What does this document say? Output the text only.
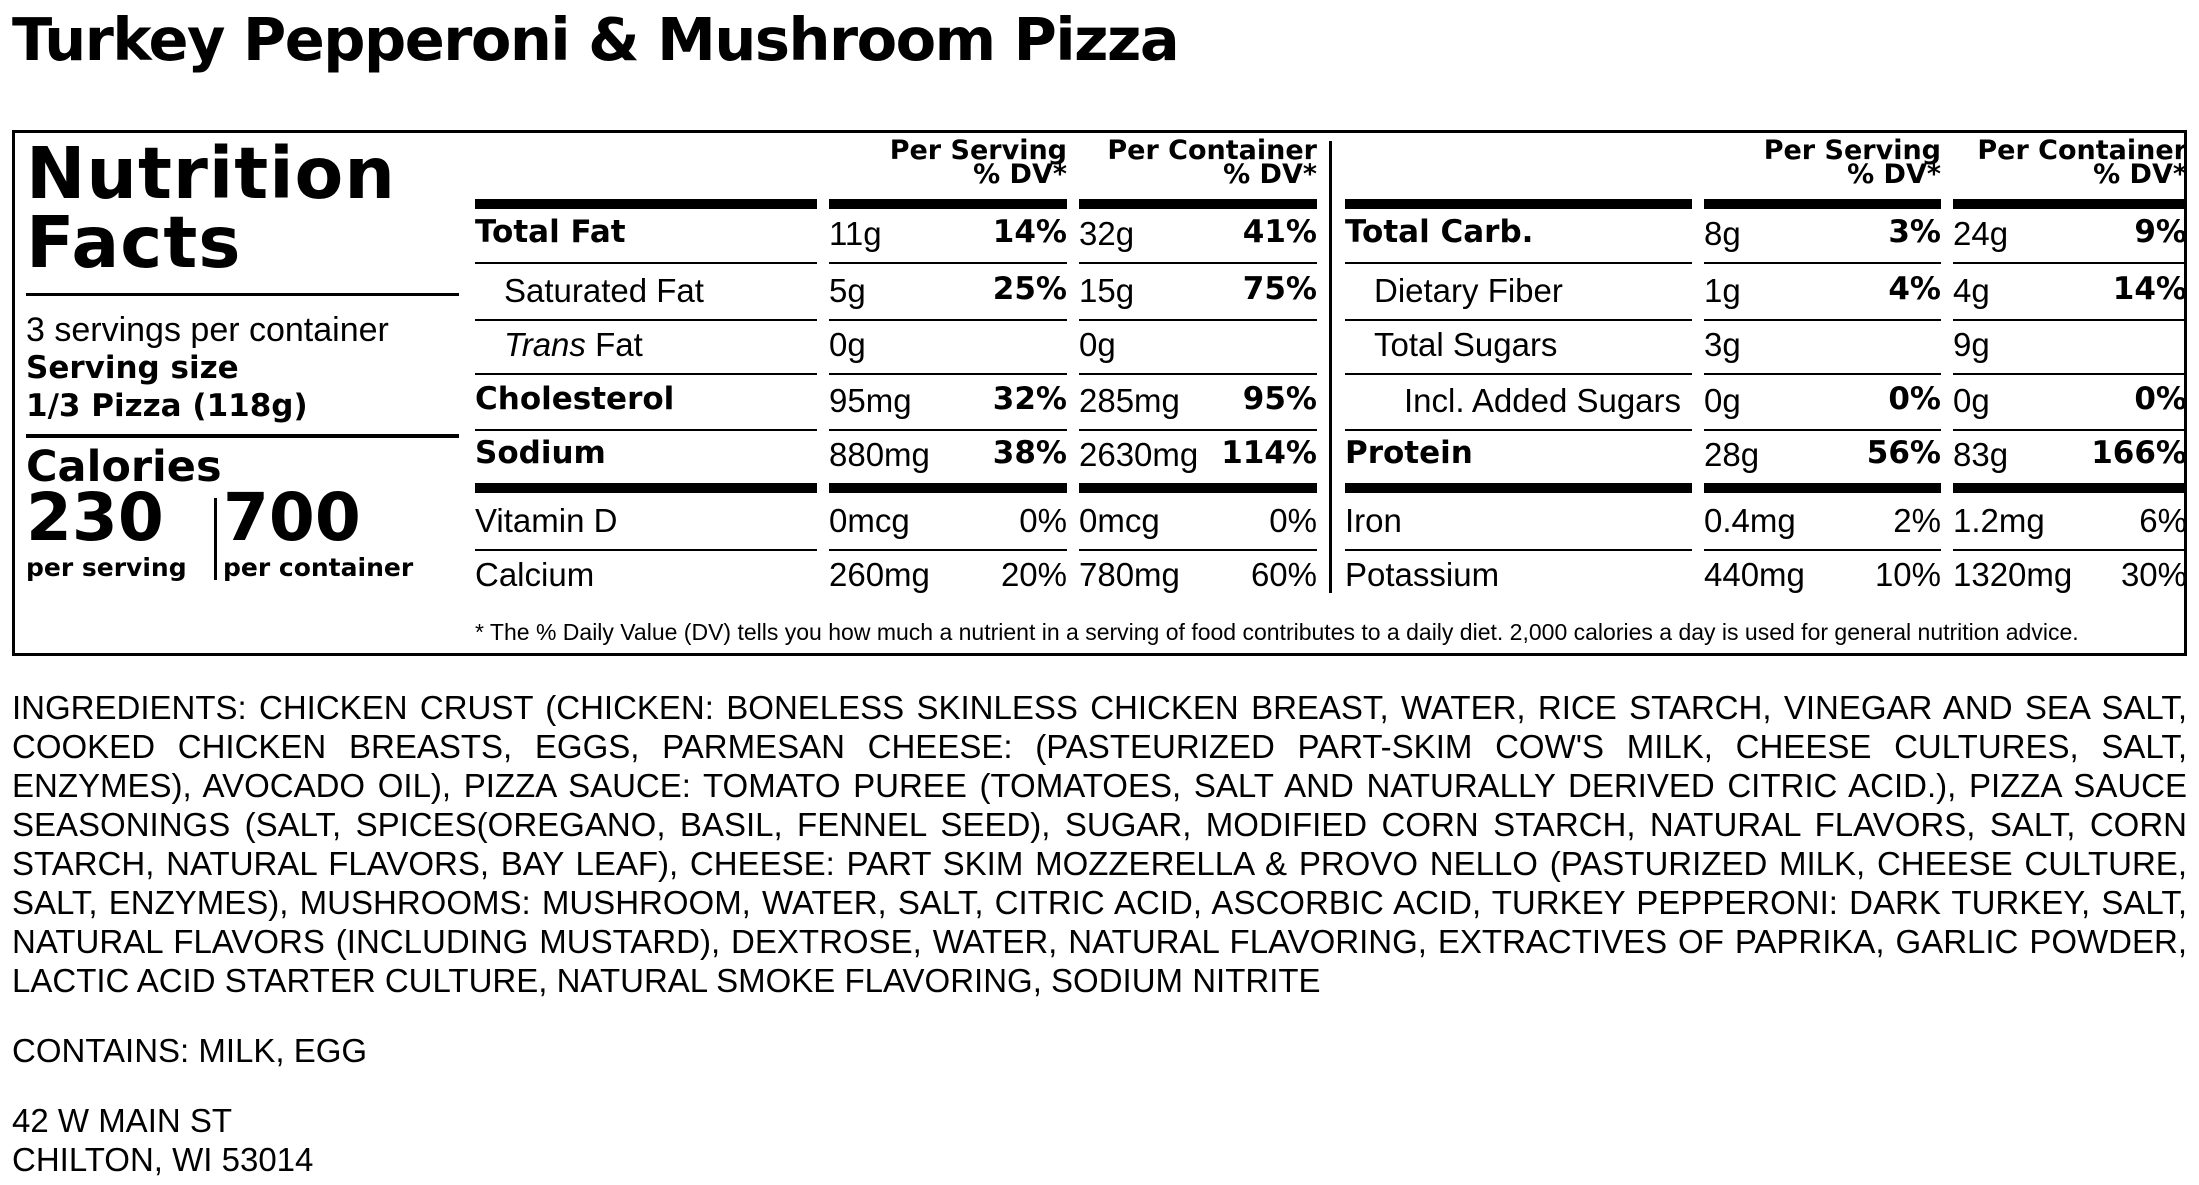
Turkey Pepperoni & Mushroom Pizza
Nutrition
Facts
3 servings per container
Serving size
1/3 Pizza (118g)
Calories
230 700
per serving per container
Per Serving
% DV*
Per Container
% DV*
Total Fat	11g	14% 32g	41%
Saturated Fat	5g	25% 15g	75%
Trans Fat	0g	0g
Cholesterol	95mg	32% 285mg	95%
Sodium	880mg	38% 2630mg 114%
Vitamin D	0mcg	0% 0mcg	0%
Calcium	260mg	20% 780mg	60%
Per Serving
% DV*
Per Container
% DV*
Total Carb.	8g	3% 24g	9%
Dietary Fiber	1g	4% 4g	14%
Total Sugars	3g	9g
Incl. Added Sugars 0g	0% 0g	0%
Protein	28g	56% 83g	166%
Iron	0.4mg	2% 1.2mg	6%
Potassium	440mg	10% 1320mg	30%
* The % Daily Value (DV) tells you how much a nutrient in a serving of food contributes to a daily diet. 2,000 calories a day is used for general nutrition advice.
INGREDIENTS: CHICKEN CRUST (CHICKEN: BONELESS SKINLESS CHICKEN BREAST, WATER, RICE STARCH, VINEGAR AND SEA SALT, COOKED CHICKEN BREASTS, EGGS, PARMESAN CHEESE: (PASTEURIZED PART-SKIM COW'S MILK, CHEESE CULTURES, SALT, ENZYMES), AVOCADO OIL), PIZZA SAUCE: TOMATO PUREE (TOMATOES, SALT AND NATURALLY DERIVED CITRIC ACID.), PIZZA SAUCE SEASONINGS (SALT, SPICES(OREGANO, BASIL, FENNEL SEED), SUGAR, MODIFIED CORN STARCH, NATURAL FLAVORS, SALT, CORN STARCH, NATURAL FLAVORS, BAY LEAF), CHEESE: PART SKIM MOZZERELLA & PROVO NELLO (PASTURIZED MILK, CHEESE CULTURE, SALT, ENZYMES), MUSHROOMS: MUSHROOM, WATER, SALT, CITRIC ACID, ASCORBIC ACID, TURKEY PEPPERONI: DARK TURKEY, SALT, NATURAL FLAVORS (INCLUDING MUSTARD), DEXTROSE, WATER, NATURAL FLAVORING, EXTRACTIVES OF PAPRIKA, GARLIC POWDER, LACTIC ACID STARTER CULTURE, NATURAL SMOKE FLAVORING, SODIUM NITRITE
CONTAINS: MILK, EGG
42 W MAIN ST
CHILTON, WI 53014
